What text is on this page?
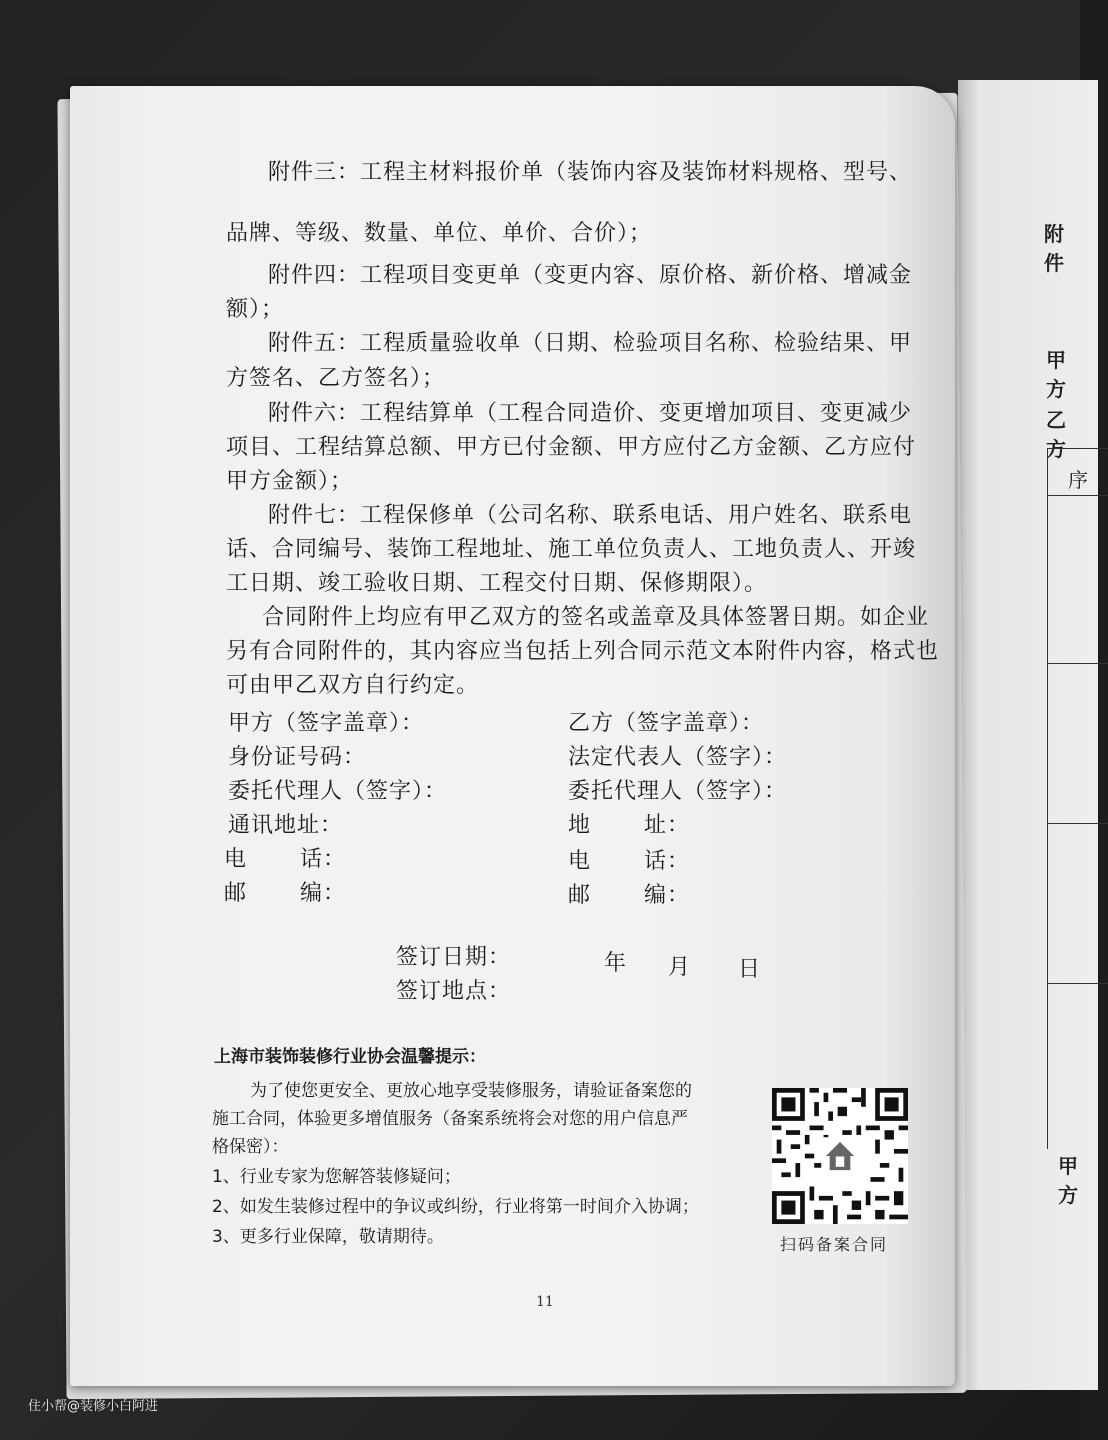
附件三：工程主材料报价单（装饰内容及装饰材料规格、型号、
品牌、等级、数量、单位、单价、合价）；
附件四：工程项目变更单（变更内容、原价格、新价格、增减金
额）；
附件五：工程质量验收单（日期、检验项目名称、检验结果、甲
方签名、乙方签名）；
附件六：工程结算单（工程合同造价、变更增加项目、变更减少
项目、工程结算总额、甲方已付金额、甲方应付乙方金额、乙方应付
甲方金额）；
附件七：工程保修单（公司名称、联系电话、用户姓名、联系电
话、合同编号、装饰工程地址、施工单位负责人、工地负责人、开竣
工日期、竣工验收日期、工程交付日期、保修期限）。
合同附件上均应有甲乙双方的签名或盖章及具体签署日期。如企业
另有合同附件的，其内容应当包括上列合同示范文本附件内容，格式也
可由甲乙双方自行约定。
甲方（签字盖章）：
身份证号码：
委托代理人（签字）：
通讯地址：
电 话：
邮 编：
乙方（签字盖章）：
法定代表人（签字）：
委托代理人（签字）：
地 址：
电 话：
邮 编：
签订日期：	年 月 日
签订地点：
上海市装饰装修行业协会温馨提示：
为了使您更安全、更放心地享受装修服务，请验证备案您的
施工合同，体验更多增值服务（备案系统将会对您的用户信息严
格保密）：
1、行业专家为您解答装修疑问；
2、如发生装修过程中的争议或纠纷，行业将第一时间介入协调；
3、更多行业保障，敬请期待。	扫码备案合同
11
附件
甲方
乙方
序
甲方
住小帮@装修小白阿进
